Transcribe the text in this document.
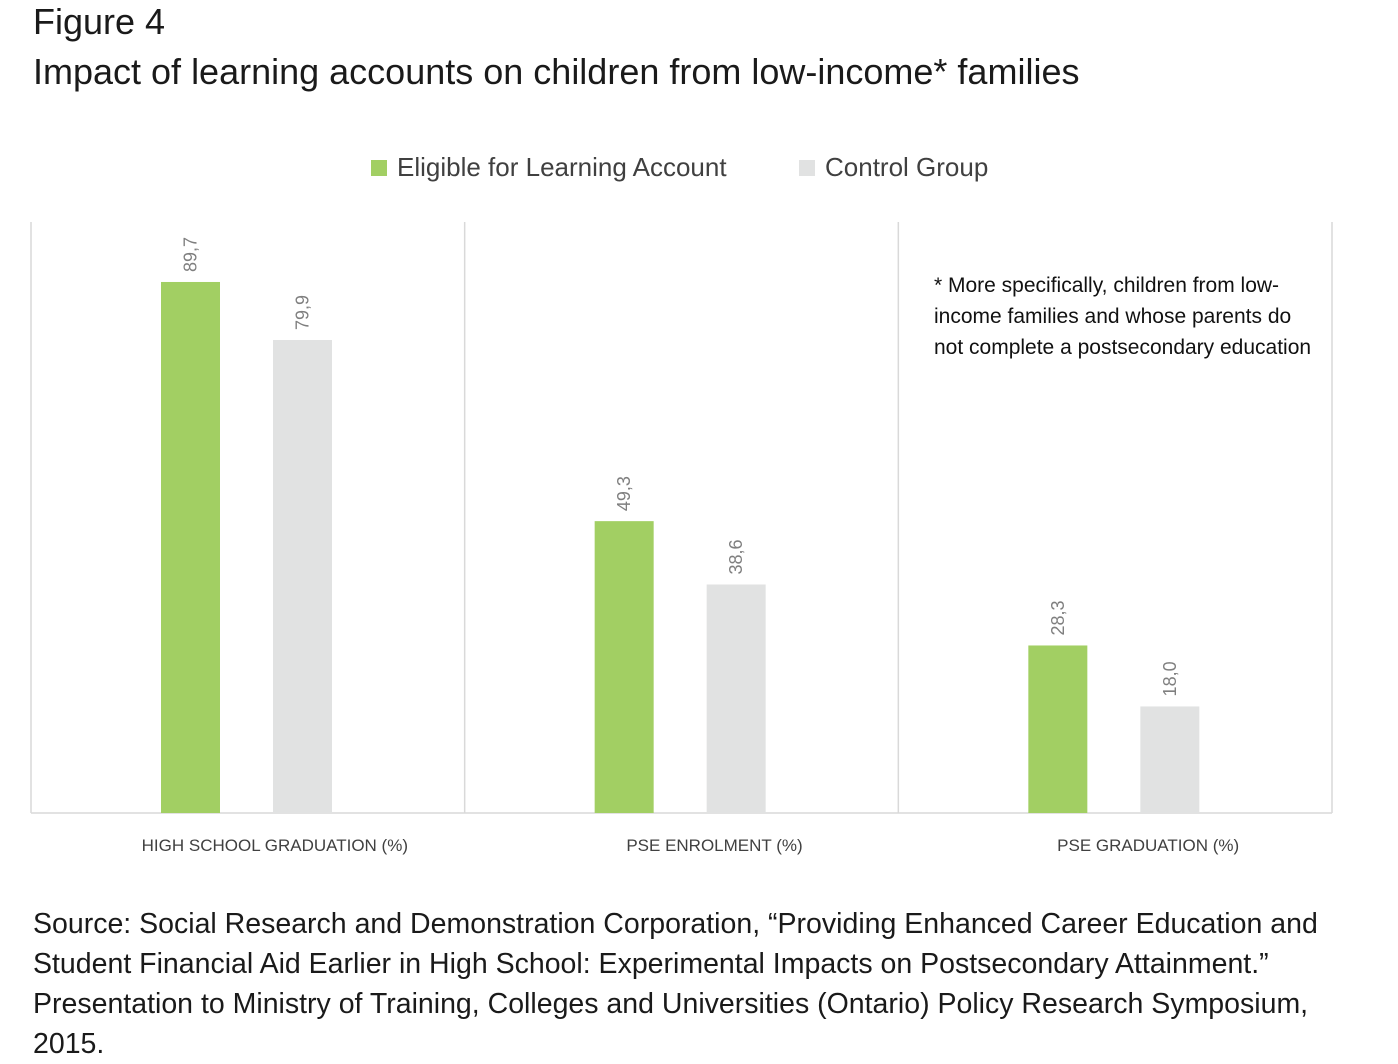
Figure 4
Impact of learning accounts on children from low-income* families
Eligible for Learning Account	Control Group
89,7
79,9
HIGH SCHOOL GRADUATION (%)
49,3
38,6
PSE ENROLMENT (%)
28,3
18,0
PSE GRADUATION (%)
* More specifically, children from low-income families and whose parents do not complete a postsecondary education
Source: Social Research and Demonstration Corporation, “Providing Enhanced Career Education and Student Financial Aid Earlier in High School: Experimental Impacts on Postsecondary Attainment.” Presentation to Ministry of Training, Colleges and Universities (Ontario) Policy Research Symposium, 2015.
